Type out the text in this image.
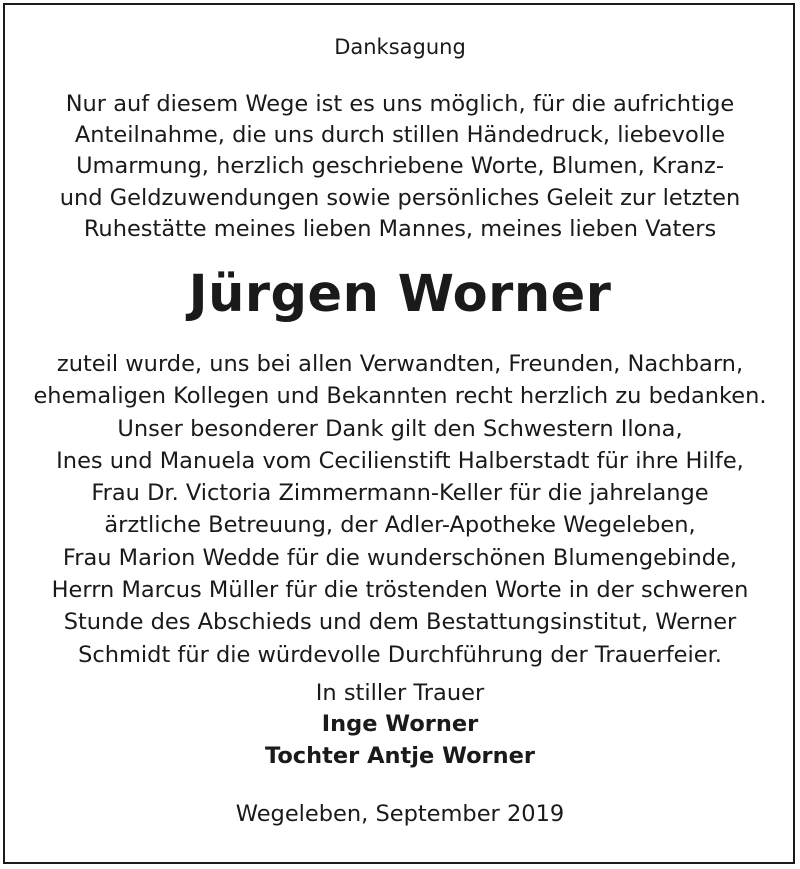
Danksagung
Nur auf diesem Wege ist es uns möglich, für die aufrichtige
Anteilnahme, die uns durch stillen Händedruck, liebevolle
Umarmung, herzlich geschriebene Worte, Blumen, Kranz-
und Geldzuwendungen sowie persönliches Geleit zur letzten
Ruhestätte meines lieben Mannes, meines lieben Vaters
Jürgen Worner
zuteil wurde, uns bei allen Verwandten, Freunden, Nachbarn,
ehemaligen Kollegen und Bekannten recht herzlich zu bedanken.
Unser besonderer Dank gilt den Schwestern Ilona,
Ines und Manuela vom Cecilienstift Halberstadt für ihre Hilfe,
Frau Dr. Victoria Zimmermann-Keller für die jahrelange
ärztliche Betreuung, der Adler-Apotheke Wegeleben,
Frau Marion Wedde für die wunderschönen Blumengebinde,
Herrn Marcus Müller für die tröstenden Worte in der schweren
Stunde des Abschieds und dem Bestattungsinstitut, Werner
Schmidt für die würdevolle Durchführung der Trauerfeier.
In stiller Trauer
Inge Worner
Tochter Antje Worner
Wegeleben, September 2019
